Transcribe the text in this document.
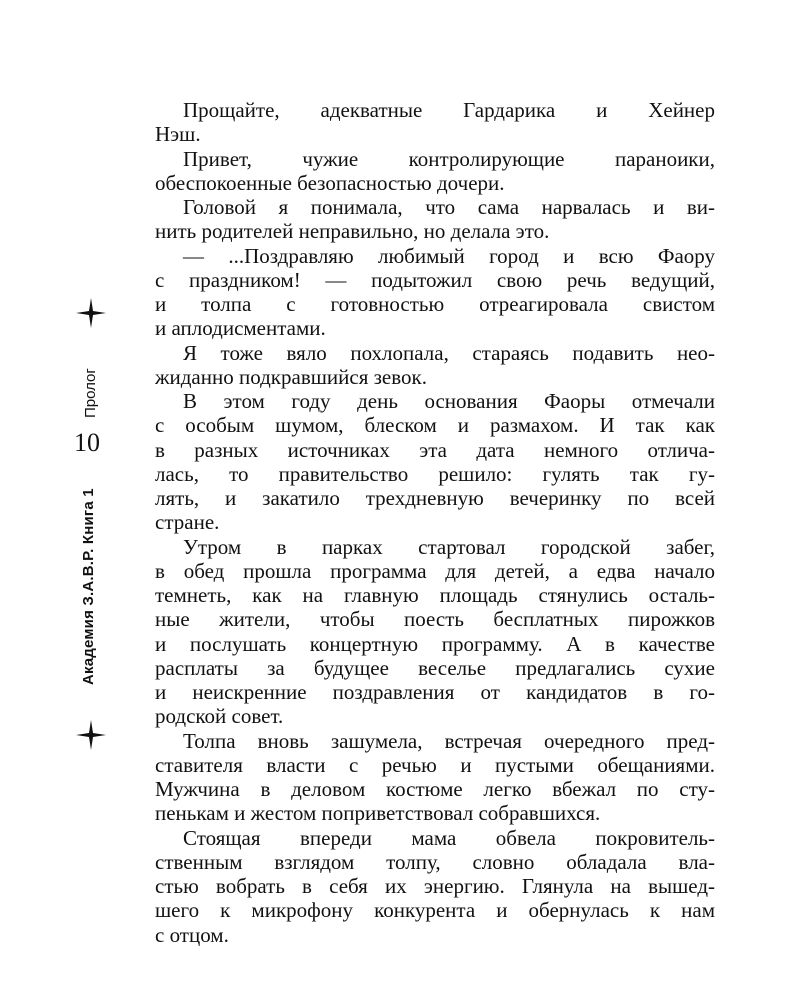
Пролог
10
Академия З.А.В.Р. Книга 1
Прощайте, адекватные Гардарика и Хейнер
Нэш.
Привет, чужие контролирующие параноики,
обеспокоенные безопасностью дочери.
Головой я понимала, что сама нарвалась и ви-
нить родителей неправильно, но делала это.
— ...Поздравляю любимый город и всю Фаору
с праздником! — подытожил свою речь ведущий,
и толпа с готовностью отреагировала свистом
и аплодисментами.
Я тоже вяло похлопала, стараясь подавить нео-
жиданно подкравшийся зевок.
В этом году день основания Фаоры отмечали
с особым шумом, блеском и размахом. И так как
в разных источниках эта дата немного отлича-
лась, то правительство решило: гулять так гу-
лять, и закатило трехдневную вечеринку по всей
стране.
Утром в парках стартовал городской забег,
в обед прошла программа для детей, а едва начало
темнеть, как на главную площадь стянулись осталь-
ные жители, чтобы поесть бесплатных пирожков
и послушать концертную программу. А в качестве
расплаты за будущее веселье предлагались сухие
и неискренние поздравления от кандидатов в го-
родской совет.
Толпа вновь зашумела, встречая очередного пред-
ставителя власти с речью и пустыми обещаниями.
Мужчина в деловом костюме легко вбежал по сту-
пенькам и жестом поприветствовал собравшихся.
Стоящая впереди мама обвела покровитель-
ственным взглядом толпу, словно обладала вла-
стью вобрать в себя их энергию. Глянула на вышед-
шего к микрофону конкурента и обернулась к нам
с отцом.
